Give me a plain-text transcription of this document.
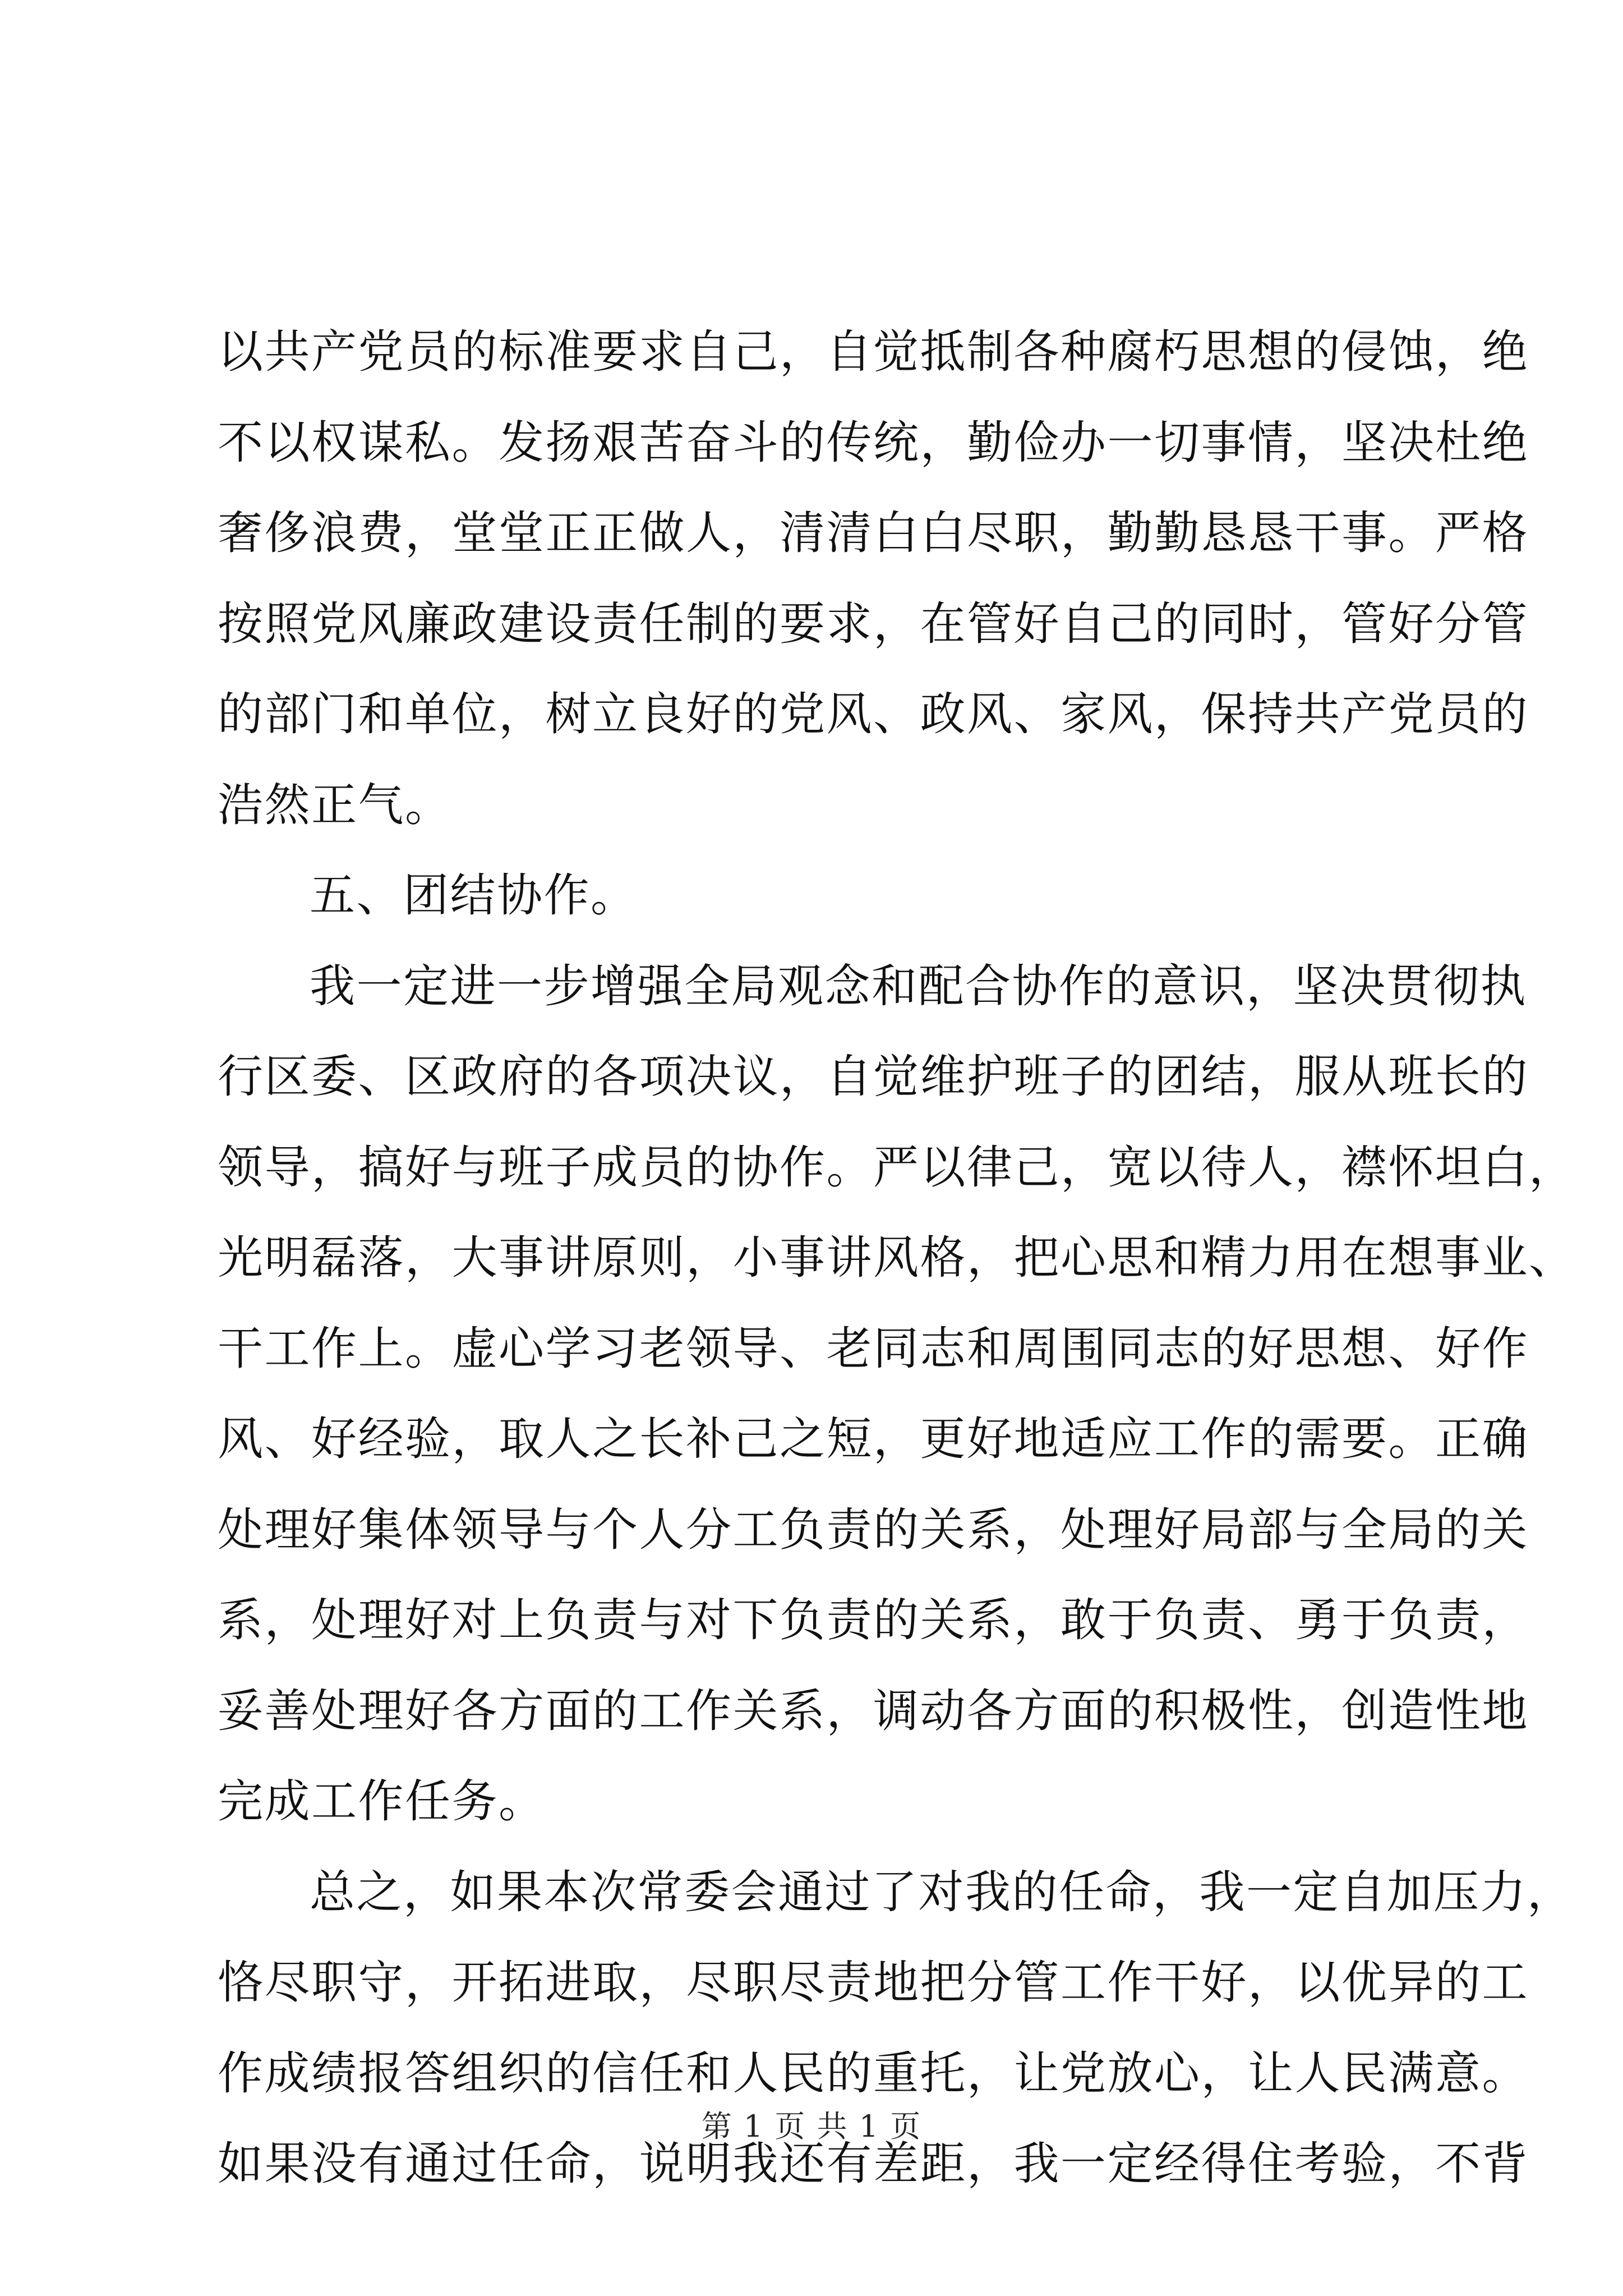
以共产党员的标准要求自己，自觉抵制各种腐朽思想的侵蚀，绝
不以权谋私。发扬艰苦奋斗的传统，勤俭办一切事情，坚决杜绝
奢侈浪费，堂堂正正做人，清清白白尽职，勤勤恳恳干事。严格
按照党风廉政建设责任制的要求，在管好自己的同时，管好分管
的部门和单位，树立良好的党风、政风、家风，保持共产党员的
浩然正气。
五、团结协作。
我一定进一步增强全局观念和配合协作的意识，坚决贯彻执
行区委、区政府的各项决议，自觉维护班子的团结，服从班长的
领导，搞好与班子成员的协作。严以律己，宽以待人，襟怀坦白，
光明磊落，大事讲原则，小事讲风格，把心思和精力用在想事业、
干工作上。虚心学习老领导、老同志和周围同志的好思想、好作
风、好经验，取人之长补己之短，更好地适应工作的需要。正确
处理好集体领导与个人分工负责的关系，处理好局部与全局的关
系，处理好对上负责与对下负责的关系，敢于负责、勇于负责，
妥善处理好各方面的工作关系，调动各方面的积极性，创造性地
完成工作任务。
总之，如果本次常委会通过了对我的任命，我一定自加压力，
恪尽职守，开拓进取，尽职尽责地把分管工作干好，以优异的工
作成绩报答组织的信任和人民的重托，让党放心，让人民满意。
如果没有通过任命，说明我还有差距，我一定经得住考验，不背
第 1 页 共 1 页
